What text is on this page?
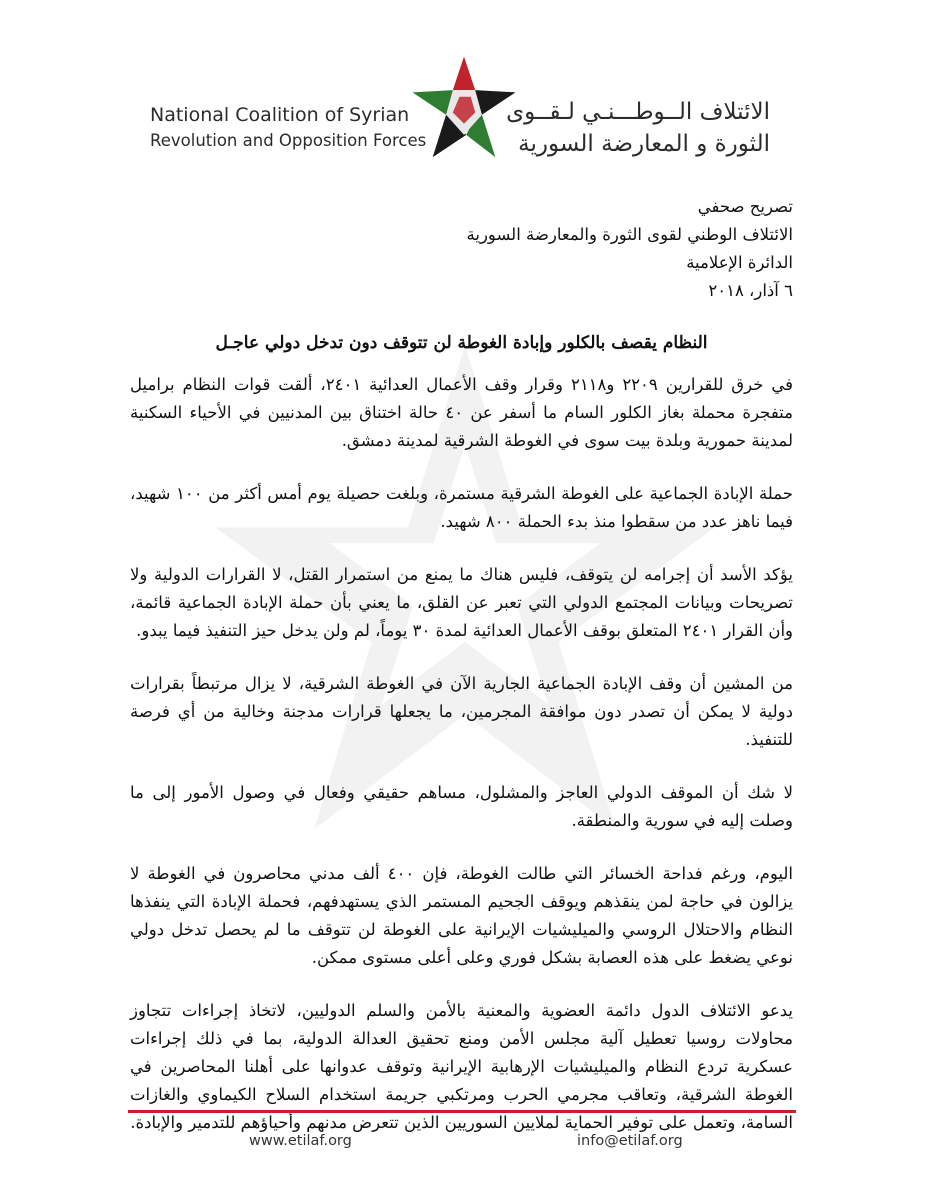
National Coalition of Syrian
Revolution and Opposition Forces
الائتلاف الــوطـــنـي لـقــوى
الثورة و المعارضة السورية
تصريح صحفي
الائتلاف الوطني لقوى الثورة والمعارضة السورية
الدائرة الإعلامية
٦ آذار، ٢٠١٨
النظام يقصف بالكلور وإبادة الغوطة لن تتوقف دون تدخل دولي عاجـل

في خرق للقرارين ٢٢٠٩ و٢١١٨ وقرار وقف الأعمال العدائية ٢٤٠١، ألقت قوات النظام براميل متفجرة محملة بغاز الكلور السام ما أسفر عن ٤٠ حالة اختناق بين المدنيين في الأحياء السكنية لمدينة حمورية وبلدة بيت سوى في الغوطة الشرقية لمدينة دمشق.

حملة الإبادة الجماعية على الغوطة الشرقية مستمرة، وبلغت حصيلة يوم أمس أكثر من ١٠٠ شهيد، فيما ناهز عدد من سقطوا منذ بدء الحملة ٨٠٠ شهيد.

يؤكد الأسد أن إجرامه لن يتوقف، فليس هناك ما يمنع من استمرار القتل، لا القرارات الدولية ولا تصريحات وبيانات المجتمع الدولي التي تعبر عن القلق، ما يعني بأن حملة الإبادة الجماعية قائمة، وأن القرار ٢٤٠١ المتعلق بوقف الأعمال العدائية لمدة ٣٠ يوماً، لم ولن يدخل حيز التنفيذ فيما يبدو.

من المشين أن وقف الإبادة الجماعية الجارية الآن في الغوطة الشرقية، لا يزال مرتبطاً بقرارات دولية لا يمكن أن تصدر دون موافقة المجرمين، ما يجعلها قرارات مدجنة وخالية من أي فرصة للتنفيذ.

لا شك أن الموقف الدولي العاجز والمشلول، مساهم حقيقي وفعال في وصول الأمور إلى ما وصلت إليه في سورية والمنطقة.

اليوم، ورغم فداحة الخسائر التي طالت الغوطة، فإن ٤٠٠ ألف مدني محاصرون في الغوطة لا يزالون في حاجة لمن ينقذهم ويوقف الجحيم المستمر الذي يستهدفهم، فحملة الإبادة التي ينفذها النظام والاحتلال الروسي والميليشيات الإيرانية على الغوطة لن تتوقف ما لم يحصل تدخل دولي نوعي يضغط على هذه العصابة بشكل فوري وعلى أعلى مستوى ممكن.

يدعو الائتلاف الدول دائمة العضوية والمعنية بالأمن والسلم الدوليين، لاتخاذ إجراءات تتجاوز محاولات روسيا تعطيل آلية مجلس الأمن ومنع تحقيق العدالة الدولية، بما في ذلك إجراءات عسكرية تردع النظام والميليشيات الإرهابية الإيرانية وتوقف عدوانها على أهلنا المحاصرين في الغوطة الشرقية، وتعاقب مجرمي الحرب ومرتكبي جريمة استخدام السلاح الكيماوي والغازات السامة، وتعمل على توفير الحماية لملايين السوريين الذين تتعرض مدنهم وأحياؤهم للتدمير والإبادة.

www.etilaf.org	info@etilaf.org
